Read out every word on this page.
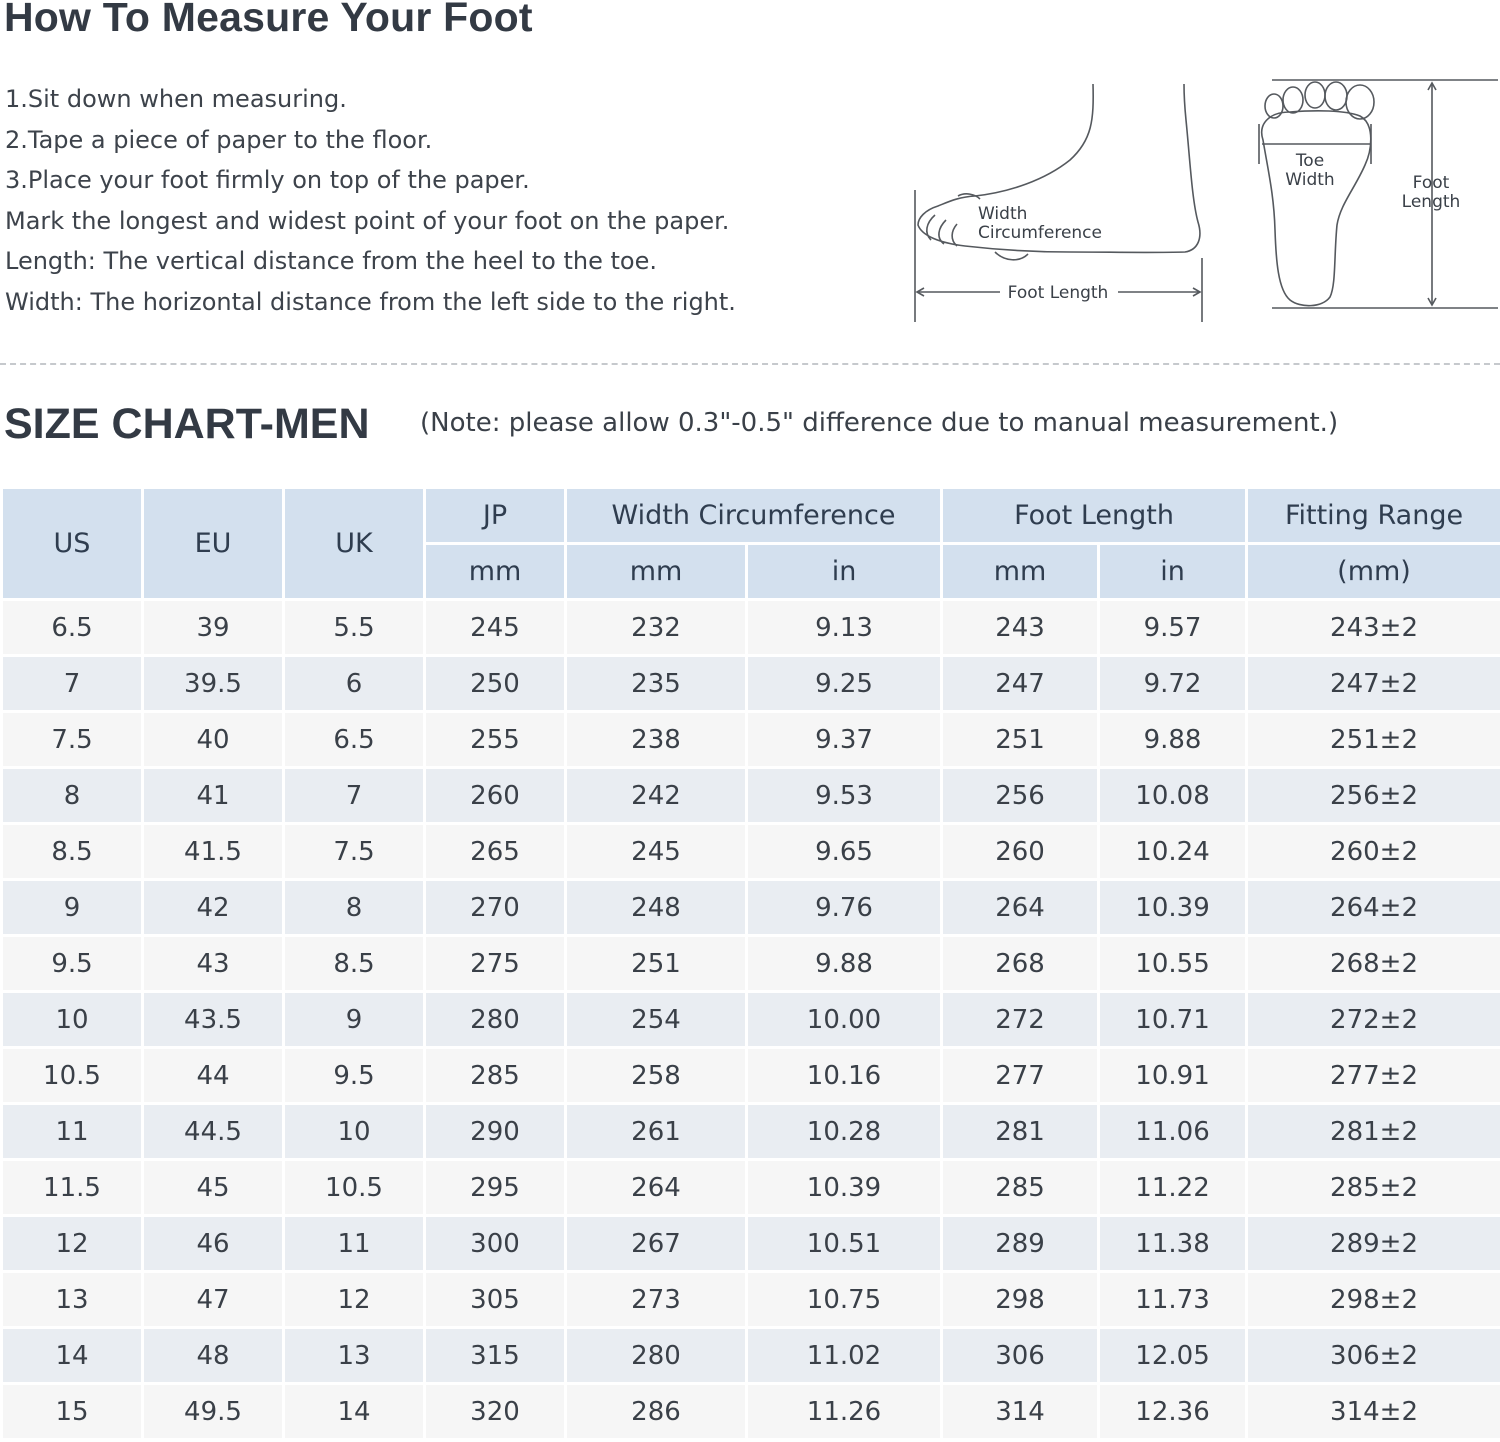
How To Measure Your Foot
1.Sit down when measuring.
2.Tape a piece of paper to the floor.
3.Place your foot firmly on top of the paper.
Mark the longest and widest point of your foot on the paper.
Length: The vertical distance from the heel to the toe.
Width: The horizontal distance from the left side to the right.
Width
Circumference
Foot Length
Toe
Width	Foot
Length
SIZE CHART-MEN (Note: please allow 0.3"-0.5" difference due to manual measurement.)
US	EU	UK	JP	Width Circumference		Foot Length		Fitting Range
			mm	mm	in	mm	in	(mm)
6.5	39	5.5	245	232	9.13	243	9.57	243±2
7	39.5	6	250	235	9.25	247	9.72	247±2
7.5	40	6.5	255	238	9.37	251	9.88	251±2
8	41	7	260	242	9.53	256	10.08	256±2
8.5	41.5	7.5	265	245	9.65	260	10.24	260±2
9	42	8	270	248	9.76	264	10.39	264±2
9.5	43	8.5	275	251	9.88	268	10.55	268±2
10	43.5	9	280	254	10.00	272	10.71	272±2
10.5	44	9.5	285	258	10.16	277	10.91	277±2
11	44.5	10	290	261	10.28	281	11.06	281±2
11.5	45	10.5	295	264	10.39	285	11.22	285±2
12	46	11	300	267	10.51	289	11.38	289±2
13	47	12	305	273	10.75	298	11.73	298±2
14	48	13	315	280	11.02	306	12.05	306±2
15	49.5	14	320	286	11.26	314	12.36	314±2
